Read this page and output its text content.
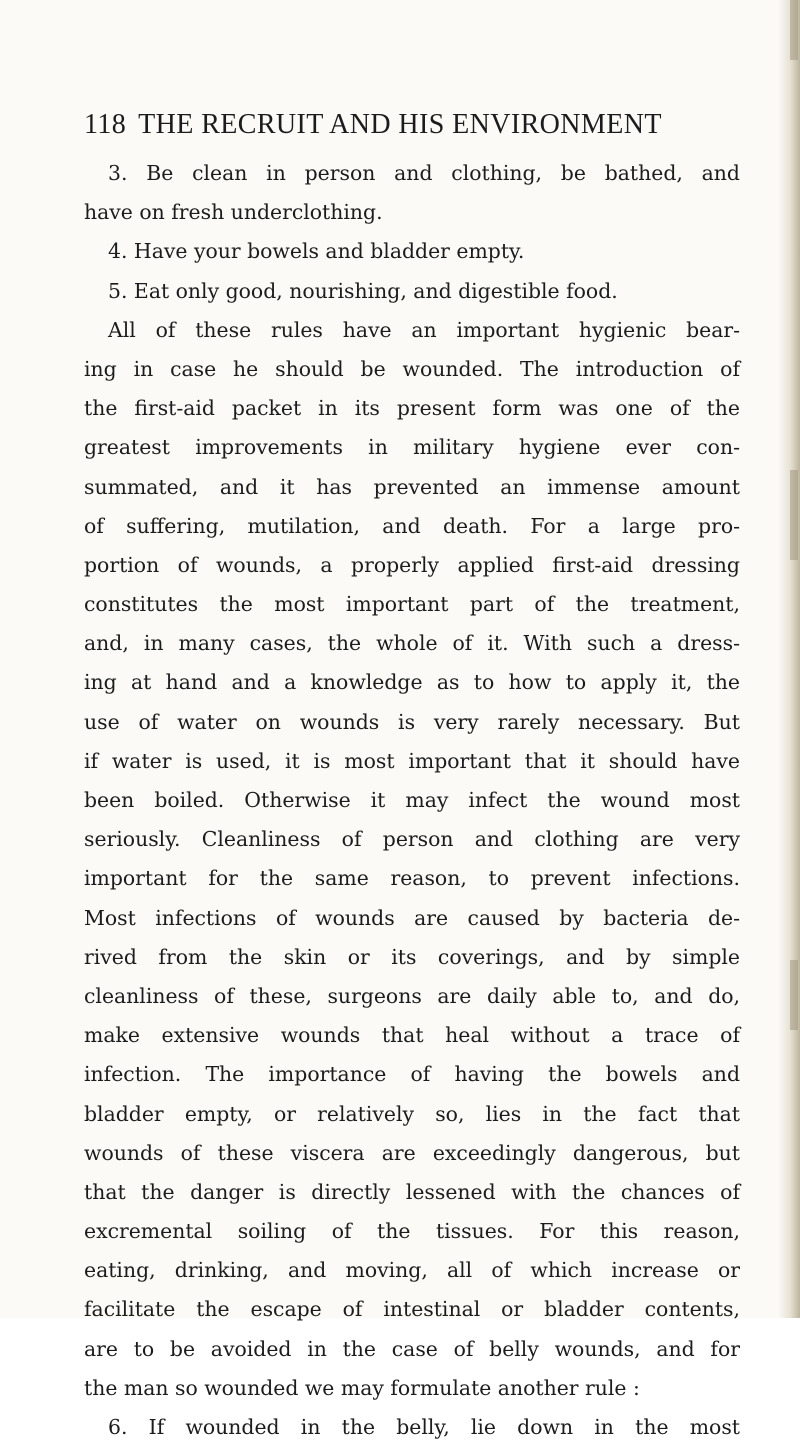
118 THE RECRUIT AND HIS ENVIRONMENT
3. Be clean in person and clothing, be bathed, and
have on fresh underclothing.
4. Have your bowels and bladder empty.
5. Eat only good, nourishing, and digestible food.
All of these rules have an important hygienic bear-
ing in case he should be wounded. The introduction of
the first-aid packet in its present form was one of the
greatest improvements in military hygiene ever con-
summated, and it has prevented an immense amount
of suffering, mutilation, and death. For a large pro-
portion of wounds, a properly applied first-aid dressing
constitutes the most important part of the treatment,
and, in many cases, the whole of it. With such a dress-
ing at hand and a knowledge as to how to apply it, the
use of water on wounds is very rarely necessary. But
if water is used, it is most important that it should have
been boiled. Otherwise it may infect the wound most
seriously. Cleanliness of person and clothing are very
important for the same reason, to prevent infections.
Most infections of wounds are caused by bacteria de-
rived from the skin or its coverings, and by simple
cleanliness of these, surgeons are daily able to, and do,
make extensive wounds that heal without a trace of
infection. The importance of having the bowels and
bladder empty, or relatively so, lies in the fact that
wounds of these viscera are exceedingly dangerous, but
that the danger is directly lessened with the chances of
excremental soiling of the tissues. For this reason,
eating, drinking, and moving, all of which increase or
facilitate the escape of intestinal or bladder contents,
are to be avoided in the case of belly wounds, and for
the man so wounded we may formulate another rule :
6. If wounded in the belly, lie down in the most
